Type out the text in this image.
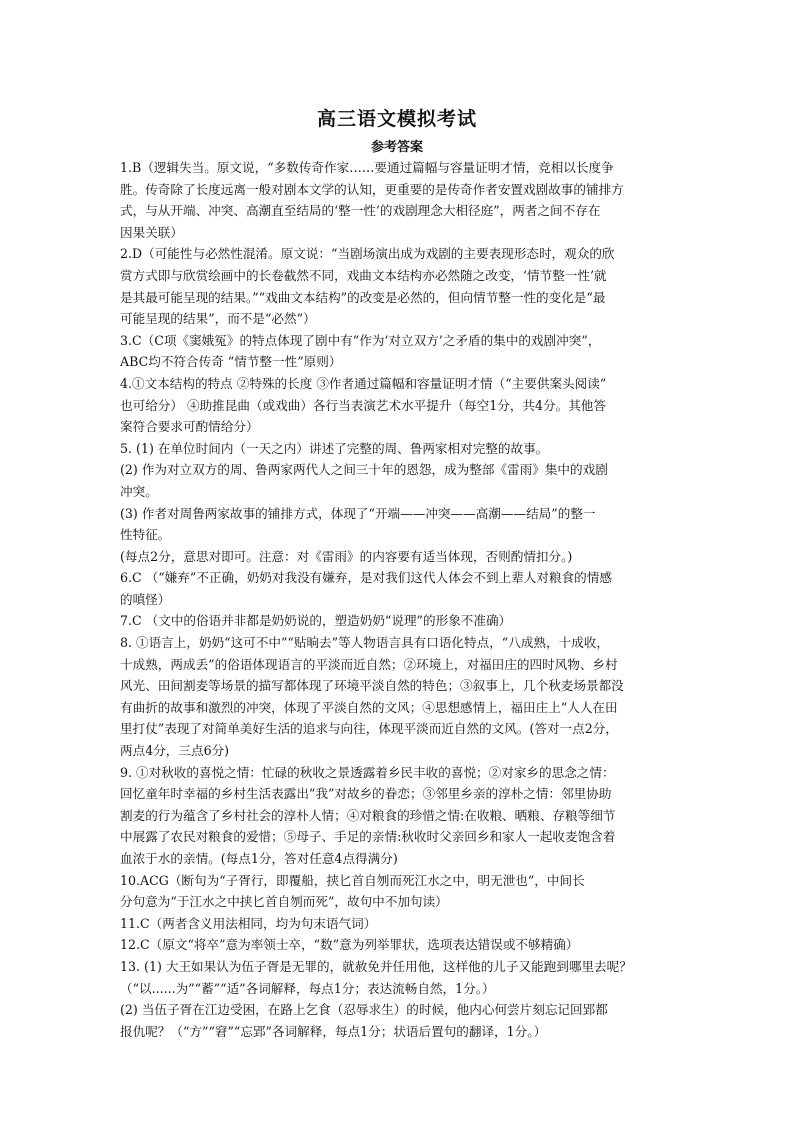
高三语文模拟考试
参考答案
1.B（逻辑失当。原文说，“多数传奇作家……要通过篇幅与容量证明才情，竞相以长度争
胜。传奇除了长度远离一般对剧本文学的认知，更重要的是传奇作者安置戏剧故事的铺排方
式，与从开端、冲突、高潮直至结局的‘整一性’的戏剧理念大相径庭”，两者之间不存在
因果关联）
2.D（可能性与必然性混淆。原文说：“当剧场演出成为戏剧的主要表现形态时，观众的欣
赏方式即与欣赏绘画中的长卷截然不同，戏曲文本结构亦必然随之改变，‘情节整一性’就
是其最可能呈现的结果。”“戏曲文本结构”的改变是必然的，但向情节整一性的变化是“最
可能呈现的结果”，而不是“必然”）
3.C（C项《窦娥冤》的特点体现了剧中有“作为‘对立双方’之矛盾的集中的戏剧冲突”，
ABC均不符合传奇 “情节整一性”原则）
4.①文本结构的特点 ②特殊的长度 ③作者通过篇幅和容量证明才情（“主要供案头阅读”
也可给分） ④助推昆曲（或戏曲）各行当表演艺术水平提升（每空1分，共4分。其他答
案符合要求可酌情给分）
5. (1) 在单位时间内（一天之内）讲述了完整的周、鲁两家相对完整的故事。
(2) 作为对立双方的周、鲁两家两代人之间三十年的恩怨，成为整部《雷雨》集中的戏剧
冲突。
(3) 作者对周鲁两家故事的铺排方式，体现了“开端——冲突——高潮——结局”的整一
性特征。
(每点2分，意思对即可。注意：对《雷雨》的内容要有适当体现，否则酌情扣分。)
6.C （“嫌弃”不正确，奶奶对我没有嫌弃，是对我们这代人体会不到上辈人对粮食的情感
的嗔怪）
7.C （文中的俗语并非都是奶奶说的，塑造奶奶“说理”的形象不准确）
8. ①语言上，奶奶“这可不中”“贴晌去”等人物语言具有口语化特点，“八成熟，十成收，
十成熟，两成丢”的俗语体现语言的平淡而近自然；②环境上，对福田庄的四时风物、乡村
风光、田间割麦等场景的描写都体现了环境平淡自然的特色；③叙事上，几个秋麦场景都没
有曲折的故事和激烈的冲突，体现了平淡自然的文风；④思想感情上，福田庄上“人人在田
里打仗”表现了对简单美好生活的追求与向往，体现平淡而近自然的文风。(答对一点2分，
两点4分，三点6分)
9. ①对秋收的喜悦之情：忙碌的秋收之景透露着乡民丰收的喜悦；②对家乡的思念之情：
回忆童年时幸福的乡村生活表露出“我”对故乡的眷恋；③邻里乡亲的淳朴之情：邻里协助
割麦的行为蕴含了乡村社会的淳朴人情；④对粮食的珍惜之情:在收粮、晒粮、存粮等细节
中展露了农民对粮食的爱惜；⑤母子、手足的亲情:秋收时父亲回乡和家人一起收麦饱含着
血浓于水的亲情。(每点1分，答对任意4点得满分)
10.ACG（断句为“子胥行，即覆船，挟匕首自刎而死江水之中，明无泄也”，中间长
分句意为“于江水之中挟匕首自刎而死”，故句中不加句读）
11.C（两者含义用法相同，均为句末语气词）
12.C（原文“将卒”意为率领士卒，“数”意为列举罪状，选项表达错误或不够精确）
13. (1) 大王如果认为伍子胥是无罪的，就赦免并任用他，这样他的儿子又能跑到哪里去呢？
（“以......为”“蓄”“适”各词解释，每点1分；表达流畅自然，1分。）
(2) 当伍子胥在江边受困，在路上乞食（忍辱求生）的时候，他内心何尝片刻忘记回郢都
报仇呢？（“方”“窘”“忘郢”各词解释，每点1分；状语后置句的翻译，1分。）
